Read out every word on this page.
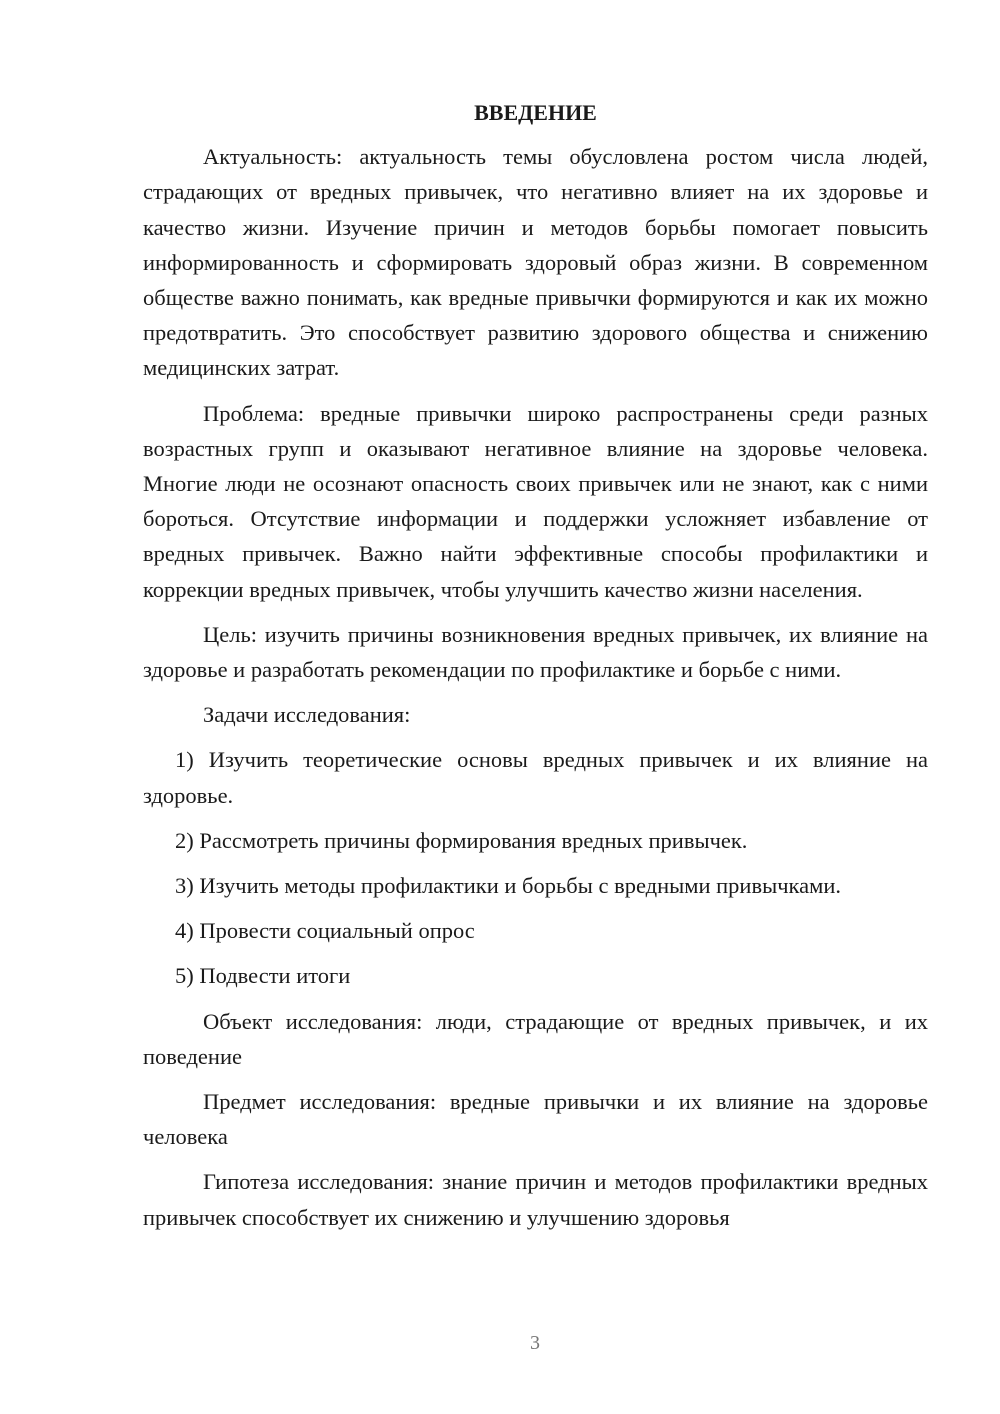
ВВЕДЕНИЕ

Актуальность: актуальность темы обусловлена ростом числа людей, страдающих от вредных привычек, что негативно влияет на их здоровье и качество жизни. Изучение причин и методов борьбы помогает повысить информированность и сформировать здоровый образ жизни. В современном обществе важно понимать, как вредные привычки формируются и как их можно предотвратить. Это способствует развитию здорового общества и снижению медицинских затрат.

Проблема: вредные привычки широко распространены среди разных возрастных групп и оказывают негативное влияние на здоровье человека. Многие люди не осознают опасность своих привычек или не знают, как с ними бороться. Отсутствие информации и поддержки усложняет избавление от вредных привычек. Важно найти эффективные способы профилактики и коррекции вредных привычек, чтобы улучшить качество жизни населения.

Цель: изучить причины возникновения вредных привычек, их влияние на здоровье и разработать рекомендации по профилактике и борьбе с ними.

Задачи исследования:

1) Изучить теоретические основы вредных привычек и их влияние на здоровье.

2) Рассмотреть причины формирования вредных привычек.

3) Изучить методы профилактики и борьбы с вредными привычками.

4) Провести социальный опрос

5) Подвести итоги

Объект исследования: люди, страдающие от вредных привычек, и их поведение

Предмет исследования: вредные привычки и их влияние на здоровье человека

Гипотеза исследования: знание причин и методов профилактики вредных привычек способствует их снижению и улучшению здоровья

3
